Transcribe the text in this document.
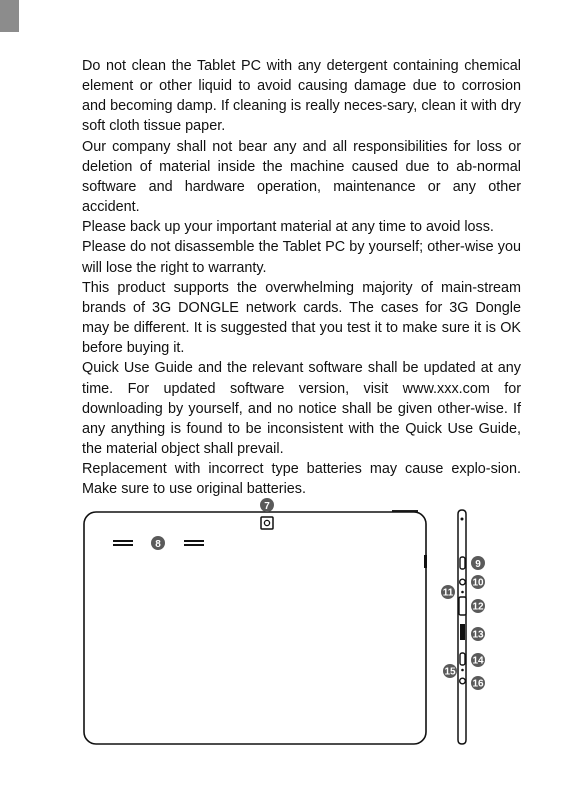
Do not clean the Tablet PC with any detergent containing chemical element or other liquid to avoid causing damage due to corrosion and becoming damp. If cleaning is really neces-sary, clean it with dry soft cloth tissue paper.

Our company shall not bear any and all responsibilities for loss or deletion of material inside the machine caused due to ab-normal software and hardware operation, maintenance or any other accident.

Please back up your important material at any time to avoid loss.

Please do not disassemble the Tablet PC by yourself; other-wise you will lose the right to warranty.

This product supports the overwhelming majority of main-stream brands of 3G DONGLE network cards. The cases for 3G Dongle may be different. It is suggested that you test it to make sure it is OK before buying it.

Quick Use Guide and the relevant software shall be updated at any time. For updated software version, visit www.xxx.com for downloading by yourself, and no notice shall be given other-wise. If any anything is found to be inconsistent with the Quick Use Guide, the material object shall prevail.

Replacement with incorrect type batteries may cause explo-sion. Make sure to use original batteries.

7
8
9
10
11
12
13
14
15
16
